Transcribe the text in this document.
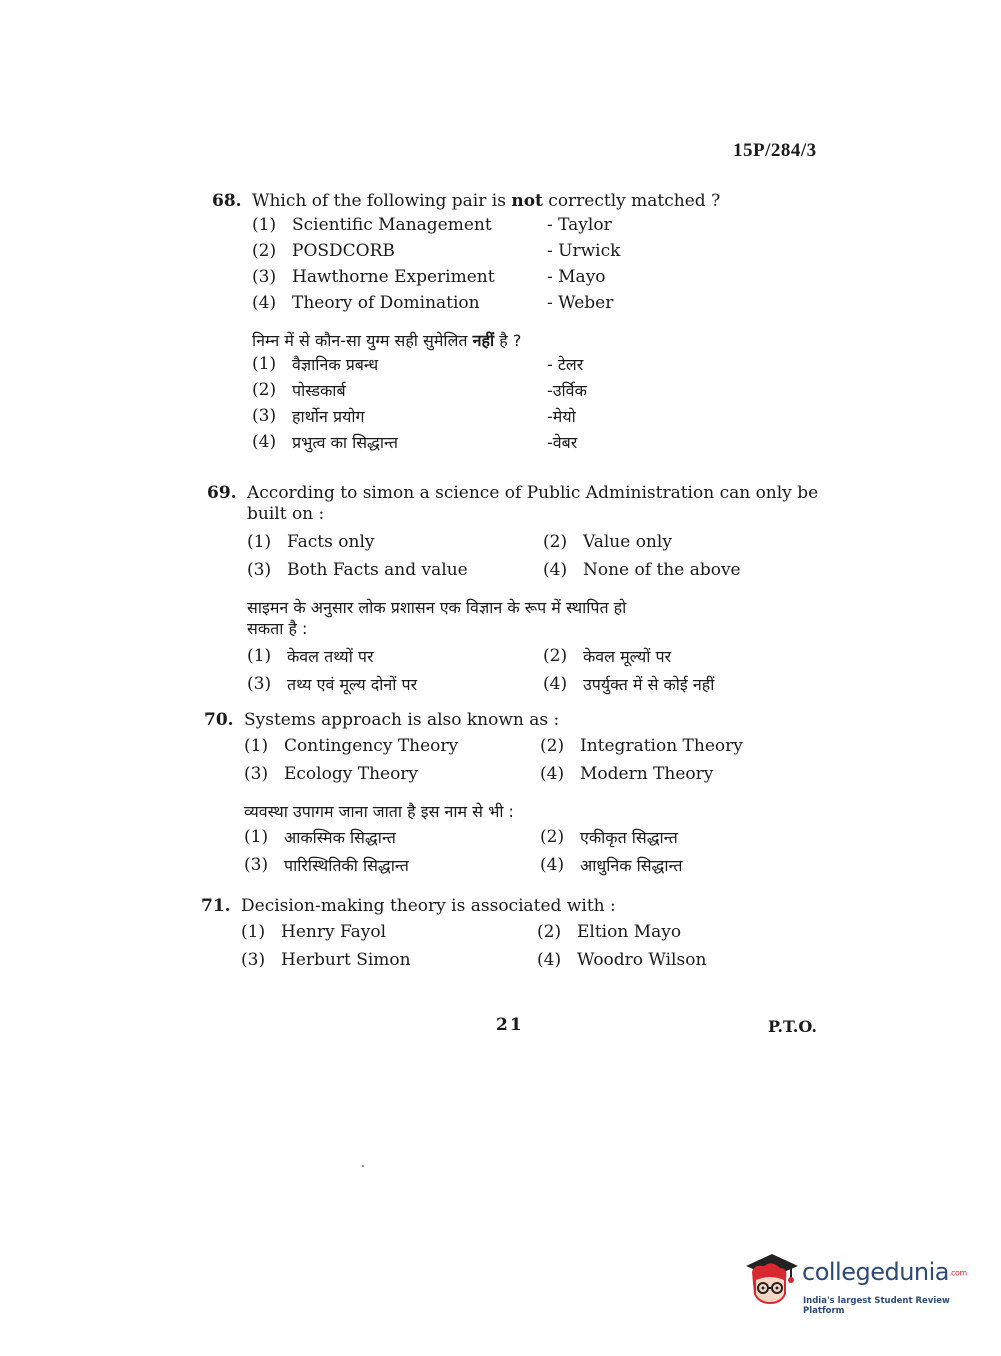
15P/284/3
68. Which of the following pair is not correctly matched ?
(1) Scientific Management	- Taylor
(2) POSDCORB	- Urwick
(3) Hawthorne Experiment	- Mayo
(4) Theory of Domination	- Weber
निम्न में से कौन-सा युग्म सही सुमेलित नहीं है ?
(1) वैज्ञानिक प्रबन्ध	- टेलर
(2) पोस्डकार्ब	-उर्विक
(3) हार्थोन प्रयोग	-मेयो
(4) प्रभुत्व का सिद्धान्त	-वेबर
69. According to simon a science of Public Administration can only be
built on :
(1) Facts only	(2) Value only
(3) Both Facts and value	(4) None of the above
साइमन के अनुसार लोक प्रशासन एक विज्ञान के रूप में स्थापित हो
सकता है :
(1) केवल तथ्यों पर	(2) केवल मूल्यों पर
(3) तथ्य एवं मूल्य दोनों पर	(4) उपर्युक्त में से कोई नहीं
70. Systems approach is also known as :
(1) Contingency Theory	(2) Integration Theory
(3) Ecology Theory	(4) Modern Theory
व्यवस्था उपागम जाना जाता है इस नाम से भी :
(1) आकस्मिक सिद्धान्त	(2) एकीकृत सिद्धान्त
(3) पारिस्थितिकी सिद्धान्त	(4) आधुनिक सिद्धान्त
71. Decision-making theory is associated with :
(1) Henry Fayol	(2) Eltion Mayo
(3) Herburt Simon	(4) Woodro Wilson
21	P.T.O.
collegedunia.com
India's largest Student Review Platform
